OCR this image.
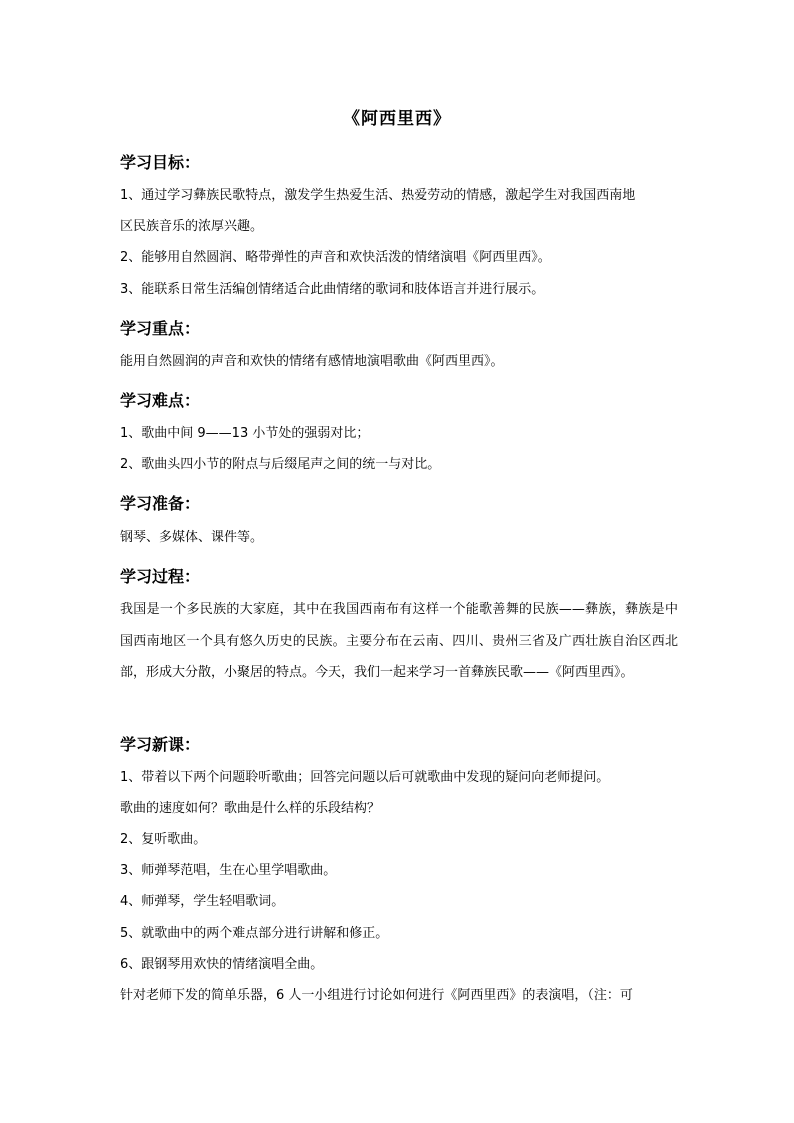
《阿西里西》
学习目标：
1、通过学习彝族民歌特点，激发学生热爱生活、热爱劳动的情感，激起学生对我国西南地
区民族音乐的浓厚兴趣。
2、能够用自然圆润、略带弹性的声音和欢快活泼的情绪演唱《阿西里西》。
3、能联系日常生活编创情绪适合此曲情绪的歌词和肢体语言并进行展示。
学习重点：
能用自然圆润的声音和欢快的情绪有感情地演唱歌曲《阿西里西》。
学习难点：
1、歌曲中间 9——13 小节处的强弱对比；
2、歌曲头四小节的附点与后缀尾声之间的统一与对比。
学习准备：
钢琴、多媒体、课件等。
学习过程：
我国是一个多民族的大家庭，其中在我国西南布有这样一个能歌善舞的民族——彝族，彝族是中国西南地区一个具有悠久历史的民族。主要分布在云南、四川、贵州三省及广西壮族自治区西北部，形成大分散，小聚居的特点。今天，我们一起来学习一首彝族民歌——《阿西里西》。
学习新课：
1、带着以下两个问题聆听歌曲；回答完问题以后可就歌曲中发现的疑问向老师提问。
歌曲的速度如何？歌曲是什么样的乐段结构？
2、复听歌曲。
3、师弹琴范唱，生在心里学唱歌曲。
4、师弹琴，学生轻唱歌词。
5、就歌曲中的两个难点部分进行讲解和修正。
6、跟钢琴用欢快的情绪演唱全曲。
针对老师下发的简单乐器，6 人一小组进行讨论如何进行《阿西里西》的表演唱，（注：可
